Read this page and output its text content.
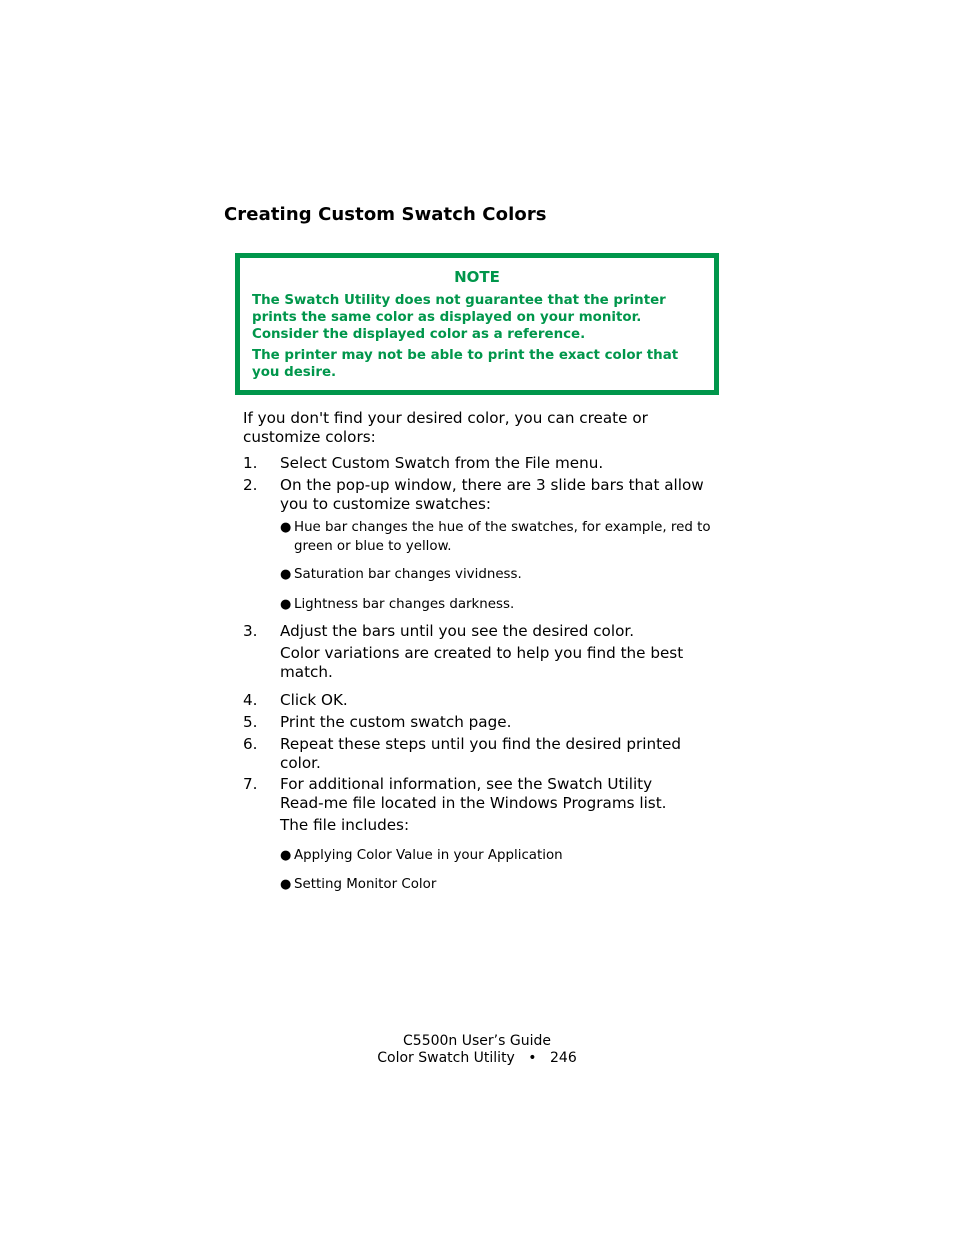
Creating Custom Swatch Colors
NOTE
The Swatch Utility does not guarantee that the printer prints the same color as displayed on your monitor. Consider the displayed color as a reference.
The printer may not be able to print the exact color that you desire.
If you don't find your desired color, you can create or customize colors:
1. Select Custom Swatch from the File menu.
2. On the pop-up window, there are 3 slide bars that allow you to customize swatches:
● Hue bar changes the hue of the swatches, for example, red to green or blue to yellow.
● Saturation bar changes vividness.
● Lightness bar changes darkness.
3. Adjust the bars until you see the desired color.
Color variations are created to help you find the best match.
4. Click OK.
5. Print the custom swatch page.
6. Repeat these steps until you find the desired printed color.
7. For additional information, see the Swatch Utility Read-me file located in the Windows Programs list.
The file includes:
● Applying Color Value in your Application
● Setting Monitor Color
C5500n User’s Guide
Color Swatch Utility • 246
